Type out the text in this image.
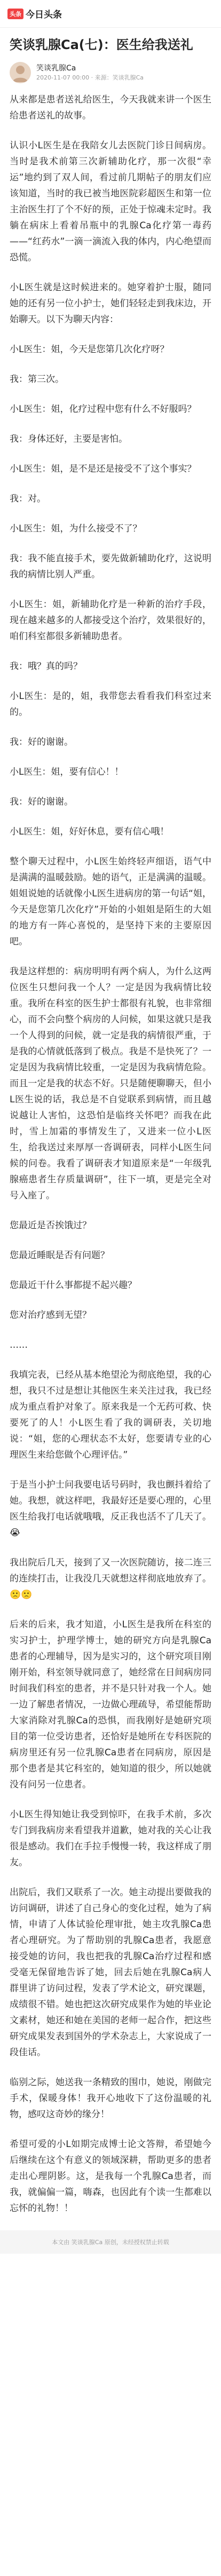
头条 今日头条
笑谈乳腺Ca(七)：医生给我送礼
笑谈乳腺Ca
2020-11-07 00:00 · 来源：笑谈乳腺Ca

从来都是患者送礼给医生，今天我就来讲一个医生给患者送礼的故事。

认识小L医生是在我陪女儿去医院门诊日间病房。当时是我术前第三次新辅助化疗，那一次很“幸运”地约到了双人间，看过前几期帖子的朋友们应该知道，当时的我已被当地医院彩超医生和第一位主治医生打了个不好的预，正处于惊魂未定时。我躺在病床上看着吊瓶中的乳腺Ca化疗第一毒药——“红药水”一滴一滴流入我的体内，内心绝望而恐慌。

小L医生就是这时候进来的。她穿着护士服，随同她的还有另一位小护士，她们轻轻走到我床边，开始聊天。以下为聊天内容：

小L医生：姐，今天是您第几次化疗呀？

我：第三次。

小L医生：姐，化疗过程中您有什么不好服吗？

我：身体还好，主要是害怕。

小L医生：姐，是不是还是接受不了这个事实？

我：对。

小L医生：姐，为什么接受不了？

我：我不能直接手术，要先做新辅助化疗，这说明我的病情比别人严重。

小L医生：姐，新辅助化疗是一种新的治疗手段，现在越来越多的人都接受这个治疗，效果很好的，咱们科室都很多新辅助患者。

我：哦？真的吗？

小L医生：是的，姐，我带您去看看我们科室过来的。

我：好的谢谢。

小L医生：姐，要有信心！！

我：好的谢谢。

小L医生：姐，好好休息，要有信心哦！

整个聊天过程中，小L医生始终轻声细语，语气中是满满的温暖鼓励。她的语气，正是满满的温暖。姐姐说她的话就像小L医生进病房的第一句话“姐，今天是您第几次化疗”开始的小姐姐是陌生的大姐的地方有一阵心喜悦的，是坚持下来的主要原因吧。

我是这样想的：病房明明有两个病人，为什么这两位医生只想问我一个人？一定是因为我病情比较重。我所在科室的医生护士都很有礼貌，也非常细心，而不会向整个病房的人问候，如果这就只是我一个人得到的问候，就一定是我的病情很严重，于是我的心情就低落到了极点。我是不是快死了？一定是因为我病情比较重，一定是因为我病情危险。而且一定是我的状态不好。只是随便聊聊天，但小L医生说的话，我总是不自觉联系到病情，而且越说越让人害怕，这恐怕是临终关怀吧？而我在此时，雪上加霜的事情发生了，又进来一位小L医生，给我送过来厚厚一沓调研表，同样小L医生问候的问卷。我看了调研表才知道原来是“一年级乳腺癌患者生存质量调研”，往下一填，更是完全对号入座了。

您最近是否挨饿过？

您最近睡眠是否有问题？

您最近干什么事都提不起兴趣？

您对治疗感到无望？

……

我填完表，已经从基本绝望沦为彻底绝望，我的心想，我只不过是想让其他医生来关注过我，我已经成为重点看护对象了。原来我是一个无药可救、快要死了的人！小L医生看了我的调研表，关切地说：“姐，您的心理状态不太好，您要请专业的心理医生来给您做个心理评估。”

于是当小护士问我要电话号码时，我也颤抖着给了她。我想，就这样吧，我最好还是要心理的，心里医生给我打电话就哦哦，反正我也活不了几天了。😭

我出院后几天，接到了又一次医院随访，接二连三的连续打击，让我没几天就想这样彻底地放弃了。🙁🙁

后来的后来，我才知道，小L医生是我所在科室的实习护士，护理学博士，她的研究方向是乳腺Ca患者的心理辅导，因为是实习的，这个研究项目刚刚开始，科室领导就同意了，她经常在日间病房同时间我们科室的患者，并不是只针对我一个人。她一边了解患者情况，一边做心理疏导，希望能帮助大家消除对乳腺Ca的恐惧，而我刚好是她研究项目的第一位受访患者，还恰好是她所在专科医院的病房里还有另一位乳腺Ca患者在同病房，原因是那个患者是其它科室的，她知道的很少，所以她就没有问另一位患者。

小L医生得知她让我受到惊吓，在我手术前，多次专门到我病房来看望我并道歉，她对我的关心让我很是感动。我们在手拉手慢慢一转，我这样成了朋友。

出院后，我们又联系了一次。她主动提出要做我的访问调研，讲述了自己身心的变化过程，她为了病情，申请了人体试验伦理审批，她主攻乳腺Ca患者心理研究。为了帮助别的乳腺Ca患者，我愿意接受她的访问，我也把我的乳腺Ca治疗过程和感受毫无保留地告诉了她，回去后她在乳腺Ca病人群里讲了访问过程，发表了学术论文，研究课题，成绩很不错。她也把这次研究成果作为她的毕业论文素材，她还和她在美国的老师一起合作，把这些研究成果发表到国外的学术杂志上，大家说成了一段佳话。

临别之际，她送我一条精致的围巾，她说，刚做完手术，保暖身体！我开心地收下了这份温暖的礼物，感叹这奇妙的缘分！

希望可爱的小L如期完成博士论文答辩，希望她今后继续在这个有意义的领域深耕，帮助更多的患者走出心理阴影。这，是我每一个乳腺Ca患者，而我，就偏偏一篇，嗨森，也因此有个读一生都难以忘怀的礼物！！

本文由 笑谈乳腺Ca 原创，未经授权禁止转载
